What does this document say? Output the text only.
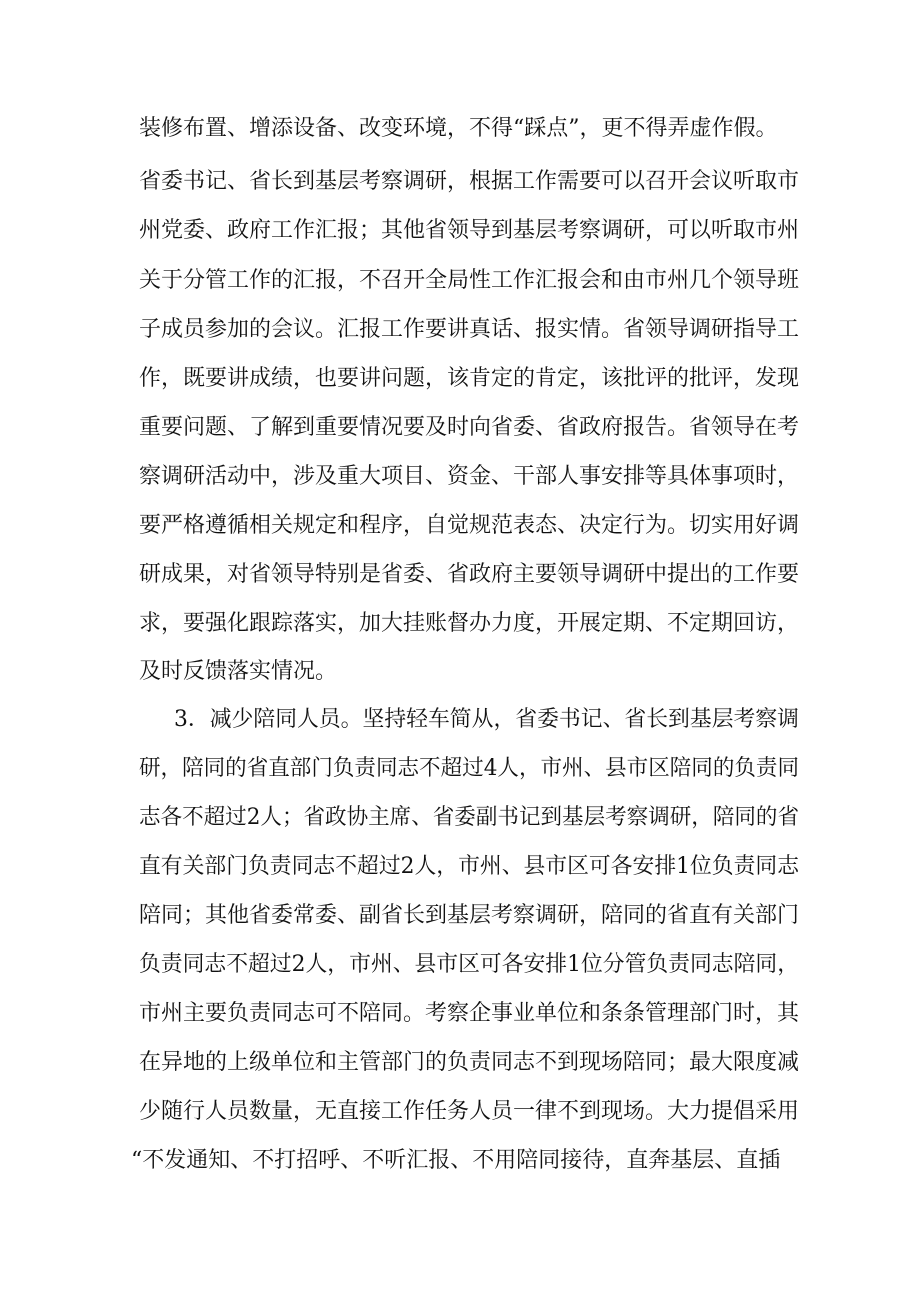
装修布置、增添设备、改变环境，不得“踩点”，更不得弄虚作假。
省委书记、省长到基层考察调研，根据工作需要可以召开会议听取市
州党委、政府工作汇报；其他省领导到基层考察调研，可以听取市州
关于分管工作的汇报，不召开全局性工作汇报会和由市州几个领导班
子成员参加的会议。汇报工作要讲真话、报实情。省领导调研指导工
作，既要讲成绩，也要讲问题，该肯定的肯定，该批评的批评，发现
重要问题、了解到重要情况要及时向省委、省政府报告。省领导在考
察调研活动中，涉及重大项目、资金、干部人事安排等具体事项时，
要严格遵循相关规定和程序，自觉规范表态、决定行为。切实用好调
研成果，对省领导特别是省委、省政府主要领导调研中提出的工作要
求，要强化跟踪落实，加大挂账督办力度，开展定期、不定期回访，
及时反馈落实情况。
3．减少陪同人员。坚持轻车简从，省委书记、省长到基层考察调
研，陪同的省直部门负责同志不超过4人，市州、县市区陪同的负责同
志各不超过2人；省政协主席、省委副书记到基层考察调研，陪同的省
直有关部门负责同志不超过2人，市州、县市区可各安排1位负责同志
陪同；其他省委常委、副省长到基层考察调研，陪同的省直有关部门
负责同志不超过2人，市州、县市区可各安排1位分管负责同志陪同，
市州主要负责同志可不陪同。考察企事业单位和条条管理部门时，其
在异地的上级单位和主管部门的负责同志不到现场陪同；最大限度减
少随行人员数量，无直接工作任务人员一律不到现场。大力提倡采用
“不发通知、不打招呼、不听汇报、不用陪同接待，直奔基层、直插
